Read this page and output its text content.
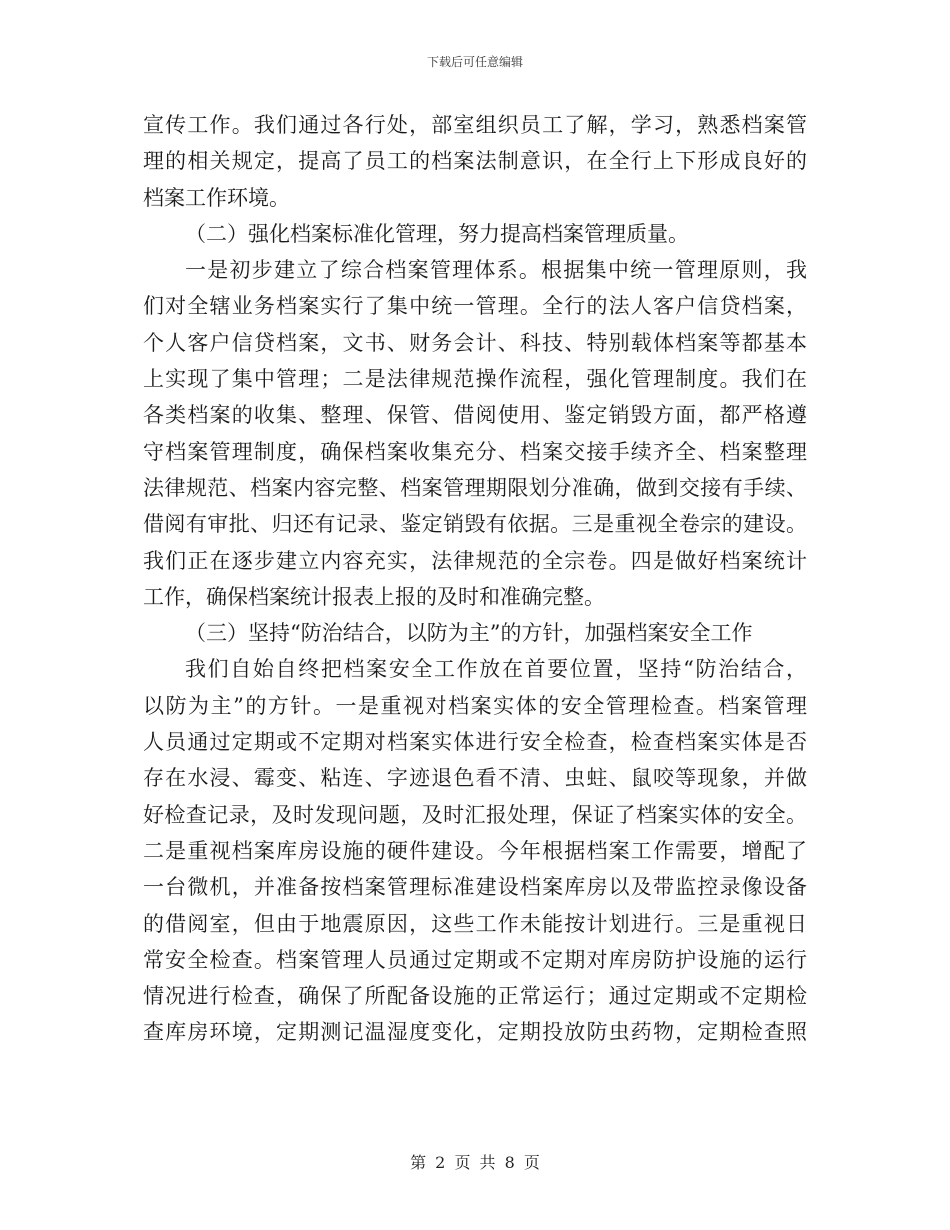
下载后可任意编辑
宣传工作。我们通过各行处，部室组织员工了解，学习，熟悉档案管
理的相关规定，提高了员工的档案法制意识，在全行上下形成良好的
档案工作环境。
（二）强化档案标准化管理，努力提高档案管理质量。
一是初步建立了综合档案管理体系。根据集中统一管理原则，我
们对全辖业务档案实行了集中统一管理。全行的法人客户信贷档案，
个人客户信贷档案，文书、财务会计、科技、特别载体档案等都基本
上实现了集中管理；二是法律规范操作流程，强化管理制度。我们在
各类档案的收集、整理、保管、借阅使用、鉴定销毁方面，都严格遵
守档案管理制度，确保档案收集充分、档案交接手续齐全、档案整理
法律规范、档案内容完整、档案管理期限划分准确，做到交接有手续、
借阅有审批、归还有记录、鉴定销毁有依据。三是重视全卷宗的建设。
我们正在逐步建立内容充实，法律规范的全宗卷。四是做好档案统计
工作，确保档案统计报表上报的及时和准确完整。
（三）坚持“防治结合，以防为主”的方针，加强档案安全工作
我们自始自终把档案安全工作放在首要位置，坚持“防治结合，
以防为主”的方针。一是重视对档案实体的安全管理检查。档案管理
人员通过定期或不定期对档案实体进行安全检查，检查档案实体是否
存在水浸、霉变、粘连、字迹退色看不清、虫蛀、鼠咬等现象，并做
好检查记录，及时发现问题，及时汇报处理，保证了档案实体的安全。
二是重视档案库房设施的硬件建设。今年根据档案工作需要，增配了
一台微机，并准备按档案管理标准建设档案库房以及带监控录像设备
的借阅室，但由于地震原因，这些工作未能按计划进行。三是重视日
常安全检查。档案管理人员通过定期或不定期对库房防护设施的运行
情况进行检查，确保了所配备设施的正常运行；通过定期或不定期检
查库房环境，定期测记温湿度变化，定期投放防虫药物，定期检查照
第 2 页 共 8 页
